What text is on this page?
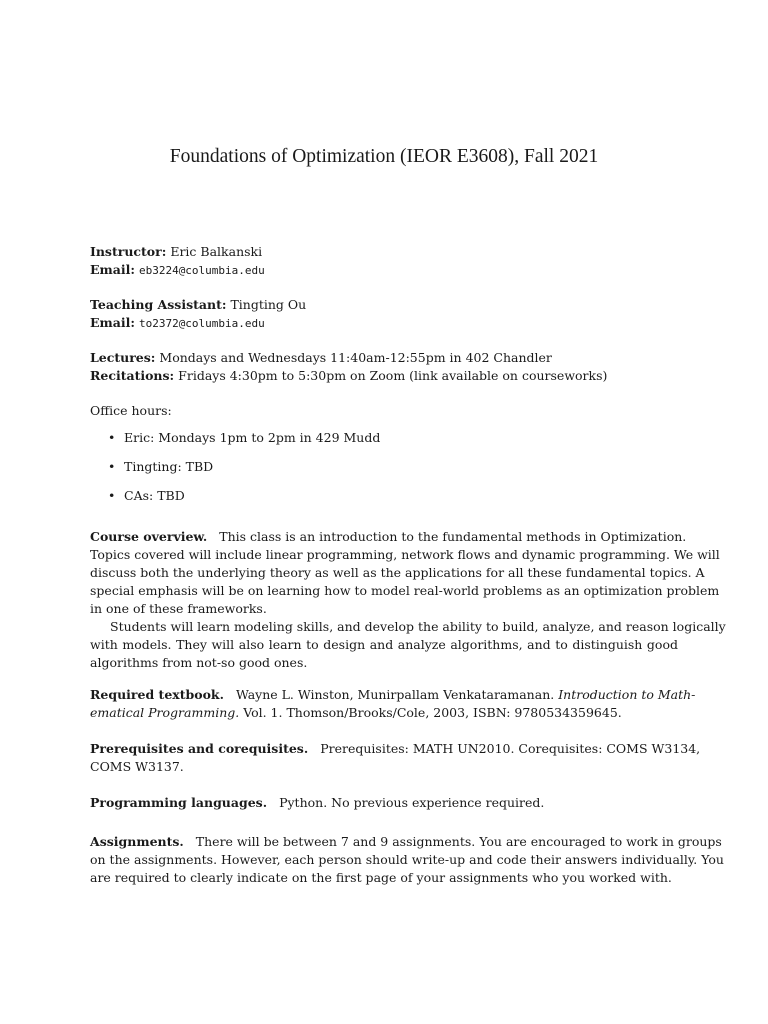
Foundations of Optimization (IEOR E3608), Fall 2021
Instructor: Eric Balkanski
Email: eb3224@columbia.edu
Teaching Assistant: Tingting Ou
Email: to2372@columbia.edu
Lectures: Mondays and Wednesdays 11:40am-12:55pm in 402 Chandler
Recitations: Fridays 4:30pm to 5:30pm on Zoom (link available on courseworks)
Office hours:
• Eric: Mondays 1pm to 2pm in 429 Mudd
• Tingting: TBD
• CAs: TBD
Course overview. This class is an introduction to the fundamental methods in Optimization.
Topics covered will include linear programming, network flows and dynamic programming. We will
discuss both the underlying theory as well as the applications for all these fundamental topics. A
special emphasis will be on learning how to model real-world problems as an optimization problem
in one of these frameworks.
Students will learn modeling skills, and develop the ability to build, analyze, and reason logically
with models. They will also learn to design and analyze algorithms, and to distinguish good
algorithms from not-so good ones.
Required textbook. Wayne L. Winston, Munirpallam Venkataramanan. Introduction to Math-
ematical Programming. Vol. 1. Thomson/Brooks/Cole, 2003, ISBN: 9780534359645.
Prerequisites and corequisites. Prerequisites: MATH UN2010. Corequisites: COMS W3134,
COMS W3137.
Programming languages. Python. No previous experience required.
Assignments. There will be between 7 and 9 assignments. You are encouraged to work in groups
on the assignments. However, each person should write-up and code their answers individually. You
are required to clearly indicate on the first page of your assignments who you worked with.
